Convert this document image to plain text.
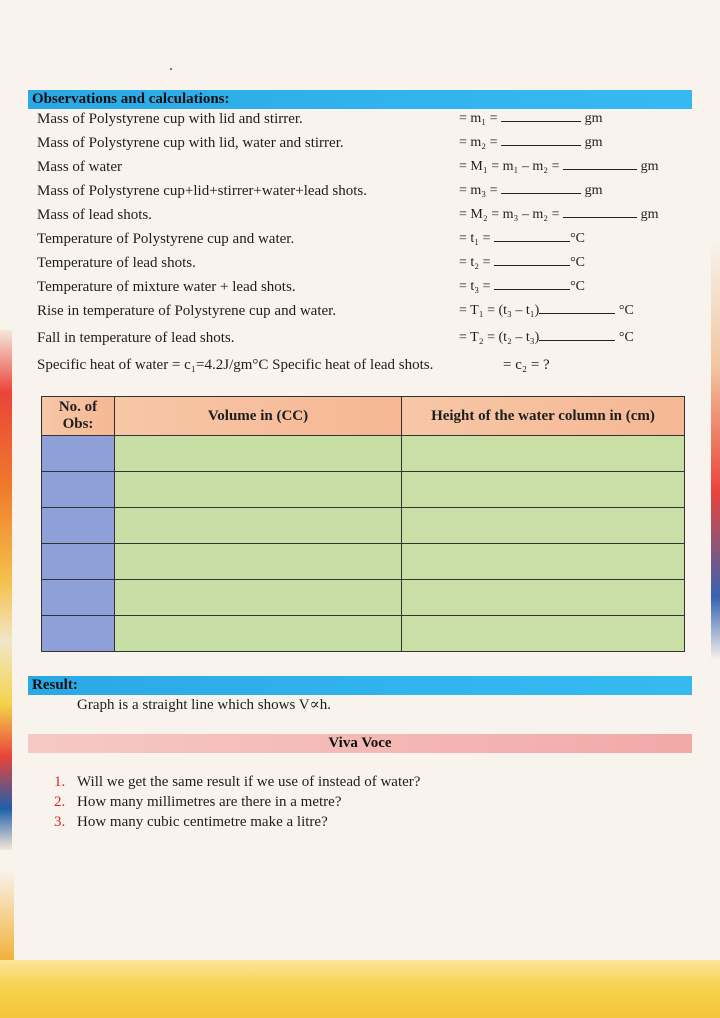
Observations and calculations:
Mass of Polystyrene cup with lid and stirrer.	= m₁ =	gm
Mass of Polystyrene cup with lid, water and stirrer.	= m₂ =	gm
Mass of water	= M₁ = m₁ – m₂ =	gm
Mass of Polystyrene cup+lid+stirrer+water+lead shots.	= m₃ =	gm
Mass of lead shots.	= M₂ = m₃ – m₂ =	gm
Temperature of Polystyrene cup and water.	= t₁ =	°C
Temperature of lead shots.	= t₂ =	°C
Temperature of mixture water + lead shots.	= t₃ =	°C
Rise in temperature of Polystyrene cup and water.	= T₁ = (t₃ – t₁)	°C
Fall in temperature of lead shots.	= T₂ = (t₂ – t₃)	°C
Specific heat of water = c₁=4.2J/gm°C Specific heat of lead shots.	= c₂ = ?
No. of Obs:	Volume in (CC)	Height of the water column in (cm)

Result:
Graph is a straight line which shows V∝h.
Viva Voce
1. Will we get the same result if we use of instead of water?
2. How many millimetres are there in a metre?
3. How many cubic centimetre make a litre?
